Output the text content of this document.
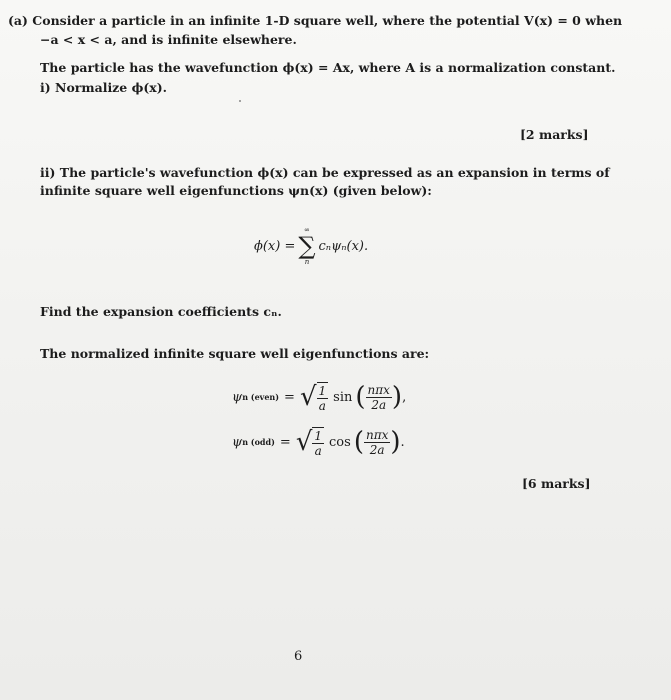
(a) Consider a particle in an infinite 1-D square well, where the potential V(x) = 0 when
−a < x < a, and is infinite elsewhere.
The particle has the wavefunction ϕ(x) = Ax, where A is a normalization constant.
i) Normalize ϕ(x).
[2 marks]
ii) The particle's wavefunction ϕ(x) can be expressed as an expansion in terms of
infinite square well eigenfunctions ψn(x) (given below):
ϕ(x) =
∞
∑
n
cₙψₙ(x).
Find the expansion coefficients cₙ.
The normalized infinite square well eigenfunctions are:
ψ n (even) = √ $\frac{1}{a}$ sin ( $\frac{\text{nπx}}{2a}$ ) ,
ψ n (odd) = √ $\frac{1}{a}$ cos ( $\frac{\text{nπx}}{2a}$ ) .
[6 marks]
6
